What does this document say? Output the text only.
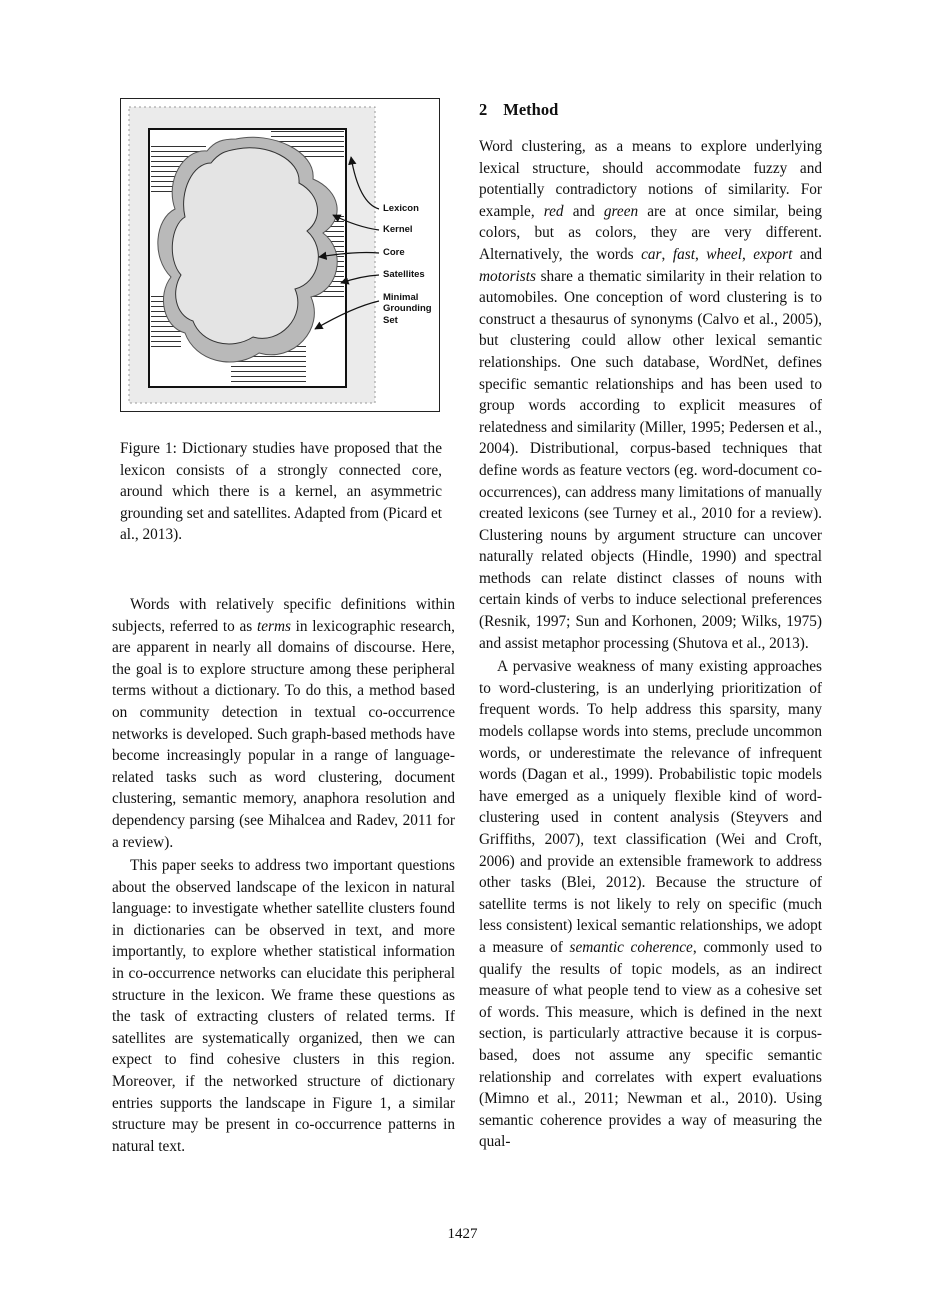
Lexicon
Kernel
Core
Satellites
Minimal Grounding Set
Figure 1: Dictionary studies have proposed that the lexicon consists of a strongly connected core, around which there is a kernel, an asymmetric grounding set and satellites. Adapted from (Picard et al., 2013).

Words with relatively specific definitions within subjects, referred to as terms in lexicographic research, are apparent in nearly all domains of discourse. Here, the goal is to explore structure among these peripheral terms without a dictionary. To do this, a method based on community detection in textual co-occurrence networks is developed. Such graph-based methods have become increasingly popular in a range of language-related tasks such as word clustering, document clustering, semantic memory, anaphora resolution and dependency parsing (see Mihalcea and Radev, 2011 for a review).

This paper seeks to address two important questions about the observed landscape of the lexicon in natural language: to investigate whether satellite clusters found in dictionaries can be observed in text, and more importantly, to explore whether statistical information in co-occurrence networks can elucidate this peripheral structure in the lexicon. We frame these questions as the task of extracting clusters of related terms. If satellites are systematically organized, then we can expect to find cohesive clusters in this region. Moreover, if the networked structure of dictionary entries supports the landscape in Figure 1, a similar structure may be present in co-occurrence patterns in natural text.

2 Method

Word clustering, as a means to explore underlying lexical structure, should accommodate fuzzy and potentially contradictory notions of similarity. For example, red and green are at once similar, being colors, but as colors, they are very different. Alternatively, the words car, fast, wheel, export and motorists share a thematic similarity in their relation to automobiles. One conception of word clustering is to construct a thesaurus of synonyms (Calvo et al., 2005), but clustering could allow other lexical semantic relationships. One such database, WordNet, defines specific semantic relationships and has been used to group words according to explicit measures of relatedness and similarity (Miller, 1995; Pedersen et al., 2004). Distributional, corpus-based techniques that define words as feature vectors (eg. word-document co-occurrences), can address many limitations of manually created lexicons (see Turney et al., 2010 for a review). Clustering nouns by argument structure can uncover naturally related objects (Hindle, 1990) and spectral methods can relate distinct classes of nouns with certain kinds of verbs to induce selectional preferences (Resnik, 1997; Sun and Korhonen, 2009; Wilks, 1975) and assist metaphor processing (Shutova et al., 2013).

A pervasive weakness of many existing approaches to word-clustering, is an underlying prioritization of frequent words. To help address this sparsity, many models collapse words into stems, preclude uncommon words, or underestimate the relevance of infrequent words (Dagan et al., 1999). Probabilistic topic models have emerged as a uniquely flexible kind of word-clustering used in content analysis (Steyvers and Griffiths, 2007), text classification (Wei and Croft, 2006) and provide an extensible framework to address other tasks (Blei, 2012). Because the structure of satellite terms is not likely to rely on specific (much less consistent) lexical semantic relationships, we adopt a measure of semantic coherence, commonly used to qualify the results of topic models, as an indirect measure of what people tend to view as a cohesive set of words. This measure, which is defined in the next section, is particularly attractive because it is corpus-based, does not assume any specific semantic relationship and correlates with expert evaluations (Mimno et al., 2011; Newman et al., 2010). Using semantic coherence provides a way of measuring the qual-

1427
